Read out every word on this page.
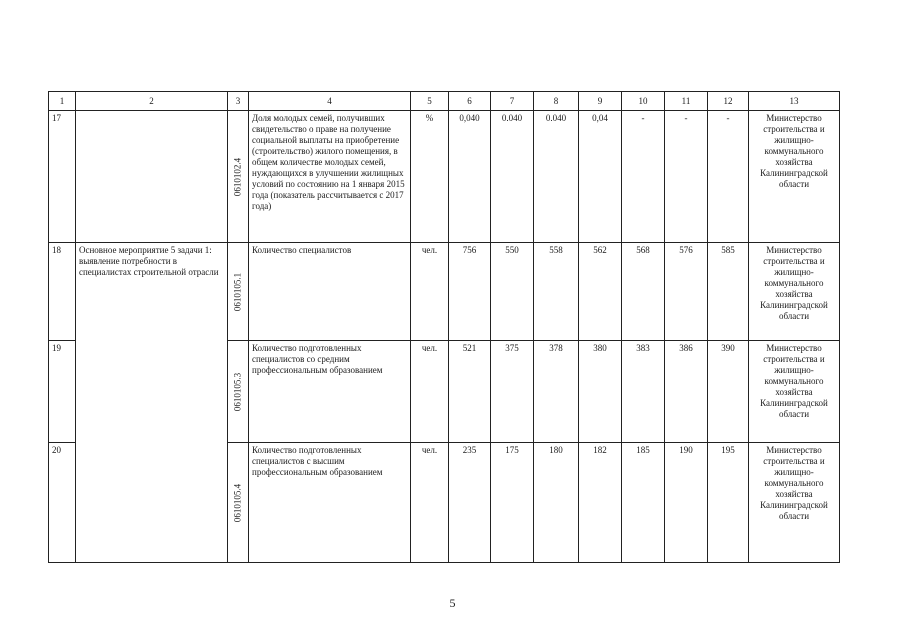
1	2	3	4	5	6	7	8	9	10	11	12	13
17		0610102.4	Доля молодых семей, получивших свидетельство о праве на получение социальной выплаты на приобретение (строительство) жилого помещения, в общем количестве молодых семей, нуждающихся в улучшении жилищных условий по состоянию на 1 января 2015 года (показатель рассчитывается с 2017 года)	%	0,040	0.040	0.040	0,04	-	-	-	Министерство строительства и жилищно-коммунального хозяйства Калининградской области
18	Основное мероприятие 5 задачи 1: выявление потребности в специалистах строительной отрасли	0610105.1	Количество специалистов	чел.	756	550	558	562	568	576	585	Министерство строительства и жилищно-коммунального хозяйства Калининградской области
19		0610105.3	Количество подготовленных специалистов со средним профессиональным образованием	чел.	521	375	378	380	383	386	390	Министерство строительства и жилищно-коммунального хозяйства Калининградской области
20		0610105.4	Количество подготовленных специалистов с высшим профессиональным образованием	чел.	235	175	180	182	185	190	195	Министерство строительства и жилищно-коммунального хозяйства Калининградской области
5
